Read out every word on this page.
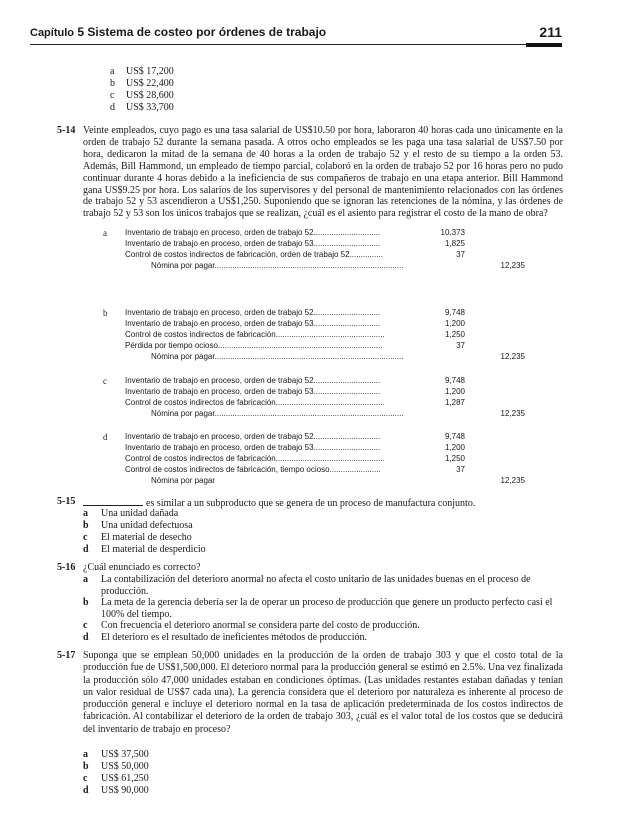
Capítulo 5 Sistema de costeo por órdenes de trabajo	211
a	US$ 17,200
b	US$ 22,400
c	US$ 28,600
d	US$ 33,700
5-14 Veinte empleados, cuyo pago es una tasa salarial de US$10.50 por hora, laboraron 40 horas cada uno únicamente en la orden de trabajo 52 durante la semana pasada. A otros ocho empleados se les paga una tasa salarial de US$7.50 por hora, dedicaron la mitad de la semana de 40 horas a la orden de trabajo 52 y el resto de su tiempo a la orden 53. Además, Bill Hammond, un empleado de tiempo parcial, colaboró en la orden de trabajo 52 por 16 horas pero no pudo continuar durante 4 horas debido a la ineficiencia de sus compañeros de trabajo en una etapa anterior. Bill Hammond gana US$9.25 por hora. Los salarios de los supervisores y del personal de mantenimiento relacionados con las órdenes de trabajo 52 y 53 ascendieron a US$1,250. Suponiendo que se ignoran las retenciones de la nómina, y las órdenes de trabajo 52 y 53 son los únicos trabajos que se realizan, ¿cuál es el asiento para registrar el costo de la mano de obra?
a Inventario de trabajo en proceso, orden de trabajo 52..............................	10,373
Inventario de trabajo en proceso, orden de trabajo 53..............................	1,825
Control de costos indirectos de fabricación, orden de trabajo 52...............	37
Nómina por pagar.....................................................................................	12,235
b Inventario de trabajo en proceso, orden de trabajo 52..............................	9,748
Inventario de trabajo en proceso, orden de trabajo 53..............................	1,200
Control de costos indirectos de fabricación.................................................	1,250
Pérdida por tiempo ocioso..........................................................................	37
Nómina por pagar.....................................................................................	12,235
c Inventario de trabajo en proceso, orden de trabajo 52..............................	9,748
Inventario de trabajo en proceso, orden de trabajo 53..............................	1,200
Control de costos indirectos de fabricación.................................................	1,287
Nómina por pagar.....................................................................................	12,235
d Inventario de trabajo en proceso, orden de trabajo 52..............................	9,748
Inventario de trabajo en proceso, orden de trabajo 53..............................	1,200
Control de costos indirectos de fabricación.................................................	1,250
Control de costos indirectos de fabricación, tiempo ocioso.......................	37
Nómina por pagar	12,235
5-15	es similar a un subproducto que se genera de un proceso de manufactura conjunto.
a	Una unidad dañada
b	Una unidad defectuosa
c	El material de desecho
d	El material de desperdicio
5-16 ¿Cuál enunciado es correcto?
a	La contabilización del deterioro anormal no afecta el costo unitario de las unidades buenas en el proceso de producción.
b	La meta de la gerencia debería ser la de operar un proceso de producción que genere un producto perfecto casi el 100% del tiempo.
c	Con frecuencia el deterioro anormal se considera parte del costo de producción.
d	El deterioro es el resultado de ineficientes métodos de producción.
5-17 Suponga que se emplean 50,000 unidades en la producción de la orden de trabajo 303 y que el costo total de la producción fue de US$1,500,000. El deterioro normal para la producción general se estimó en 2.5%. Una vez finalizada la producción sólo 47,000 unidades estaban en condiciones óptimas. (Las unidades restantes estaban dañadas y tenían un valor residual de US$7 cada una). La gerencia considera que el deterioro por naturaleza es inherente al proceso de producción general e incluye el deterioro normal en la tasa de aplicación predeterminada de los costos indirectos de fabricación. Al contabilizar el deterioro de la orden de trabajo 303, ¿cuál es el valor total de los costos que se deducirá del inventario de trabajo en proceso?
a	US$ 37,500
b	US$ 50,000
c	US$ 61,250
d	US$ 90,000
